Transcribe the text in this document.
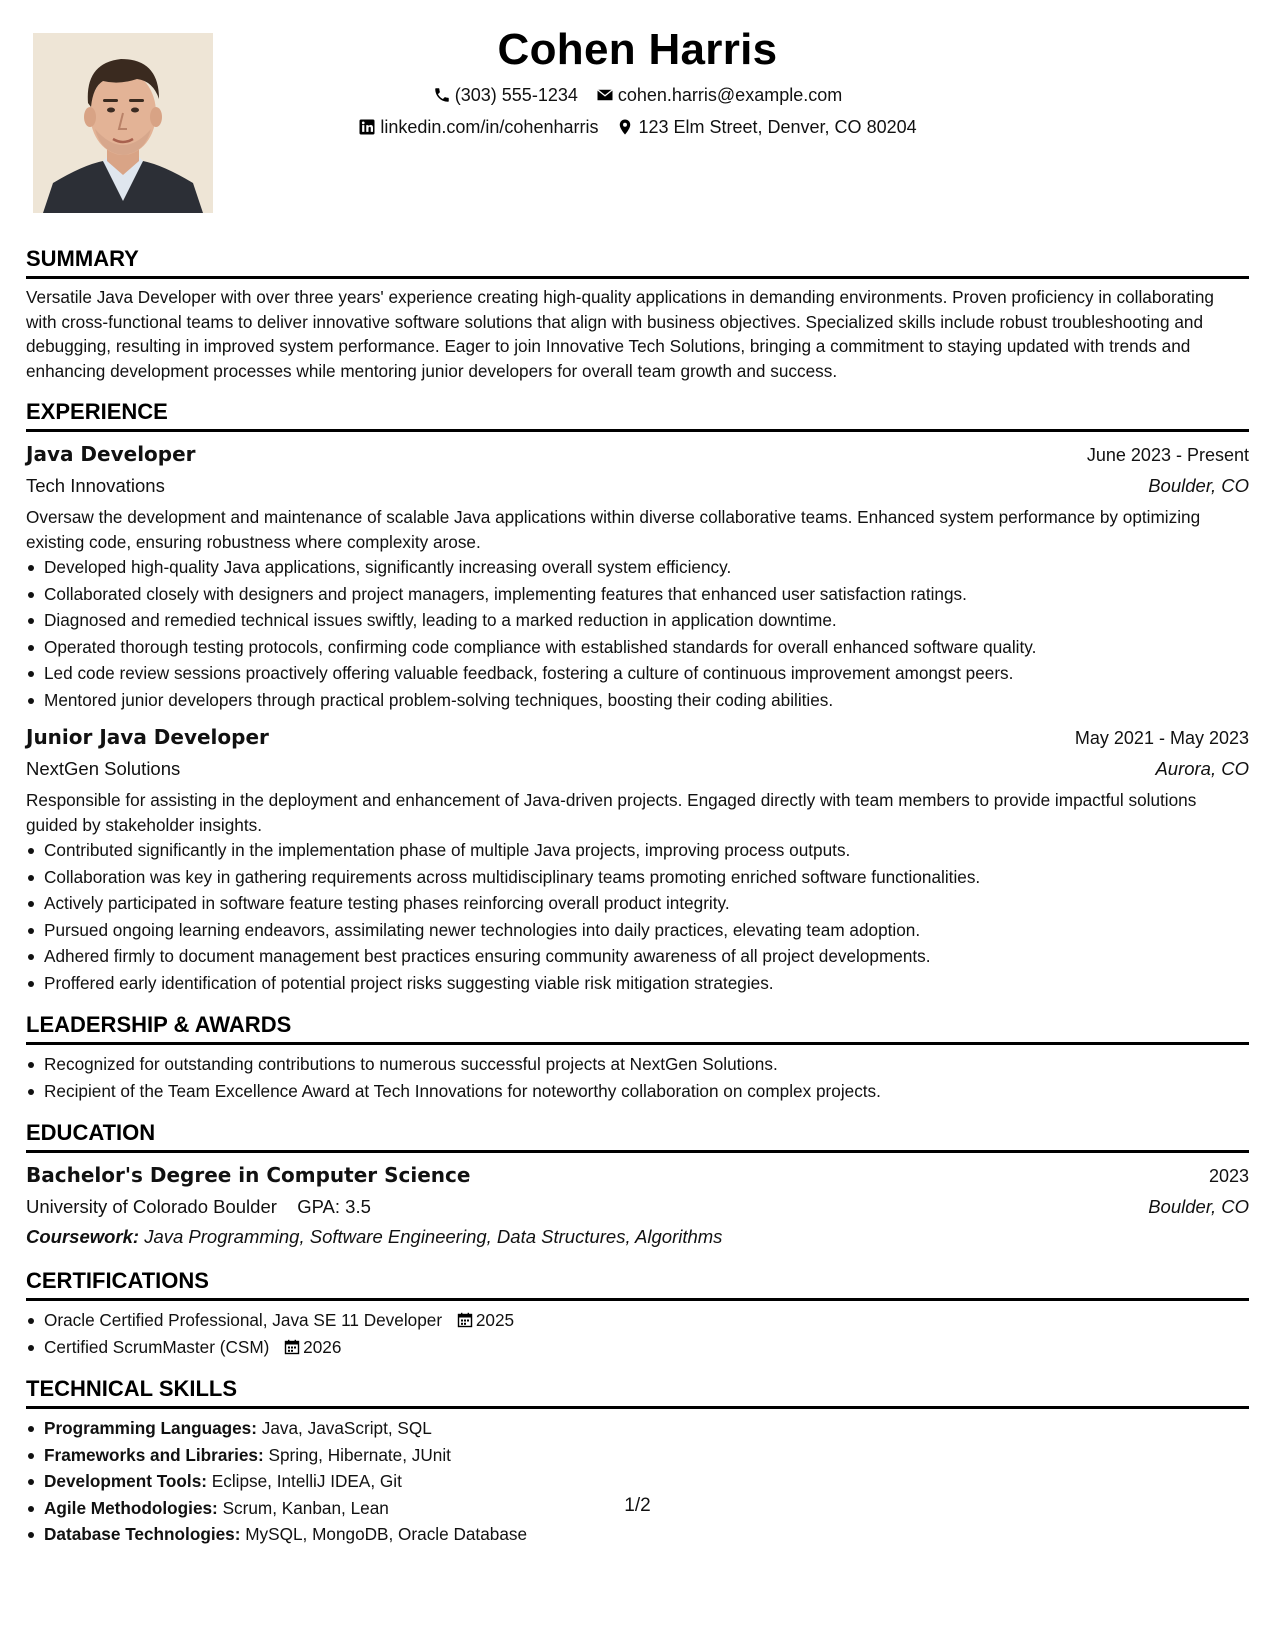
Cohen Harris
(303) 555-1234 cohen.harris@example.com
linkedin.com/in/cohenharris 123 Elm Street, Denver, CO 80204
SUMMARY

Versatile Java Developer with over three years' experience creating high-quality applications in demanding environments. Proven proficiency in collaborating with cross-functional teams to deliver innovative software solutions that align with business objectives. Specialized skills include robust troubleshooting and debugging, resulting in improved system performance. Eager to join Innovative Tech Solutions, bringing a commitment to staying updated with trends and enhancing development processes while mentoring junior developers for overall team growth and success.

EXPERIENCE
Java Developer	June 2023 - Present
Tech Innovations	Boulder, CO

Oversaw the development and maintenance of scalable Java applications within diverse collaborative teams. Enhanced system performance by optimizing existing code, ensuring robustness where complexity arose.

Developed high-quality Java applications, significantly increasing overall system efficiency.
Collaborated closely with designers and project managers, implementing features that enhanced user satisfaction ratings.
Diagnosed and remedied technical issues swiftly, leading to a marked reduction in application downtime.
Operated thorough testing protocols, confirming code compliance with established standards for overall enhanced software quality.
Led code review sessions proactively offering valuable feedback, fostering a culture of continuous improvement amongst peers.
Mentored junior developers through practical problem-solving techniques, boosting their coding abilities.
Junior Java Developer	May 2021 - May 2023
NextGen Solutions	Aurora, CO

Responsible for assisting in the deployment and enhancement of Java-driven projects. Engaged directly with team members to provide impactful solutions guided by stakeholder insights.

Contributed significantly in the implementation phase of multiple Java projects, improving process outputs.
Collaboration was key in gathering requirements across multidisciplinary teams promoting enriched software functionalities.
Actively participated in software feature testing phases reinforcing overall product integrity.
Pursued ongoing learning endeavors, assimilating newer technologies into daily practices, elevating team adoption.
Adhered firmly to document management best practices ensuring community awareness of all project developments.
Proffered early identification of potential project risks suggesting viable risk mitigation strategies.
LEADERSHIP & AWARDS
Recognized for outstanding contributions to numerous successful projects at NextGen Solutions.
Recipient of the Team Excellence Award at Tech Innovations for noteworthy collaboration on complex projects.
EDUCATION
Bachelor's Degree in Computer Science	2023
University of Colorado Boulder GPA: 3.5	Boulder, CO
Coursework: Java Programming, Software Engineering, Data Structures, Algorithms
CERTIFICATIONS
Oracle Certified Professional, Java SE 11 Developer 2025
Certified ScrumMaster (CSM) 2026
TECHNICAL SKILLS
Programming Languages: Java, JavaScript, SQL
Frameworks and Libraries: Spring, Hibernate, JUnit
Development Tools: Eclipse, IntelliJ IDEA, Git
Agile Methodologies: Scrum, Kanban, Lean
Database Technologies: MySQL, MongoDB, Oracle Database
1/2
